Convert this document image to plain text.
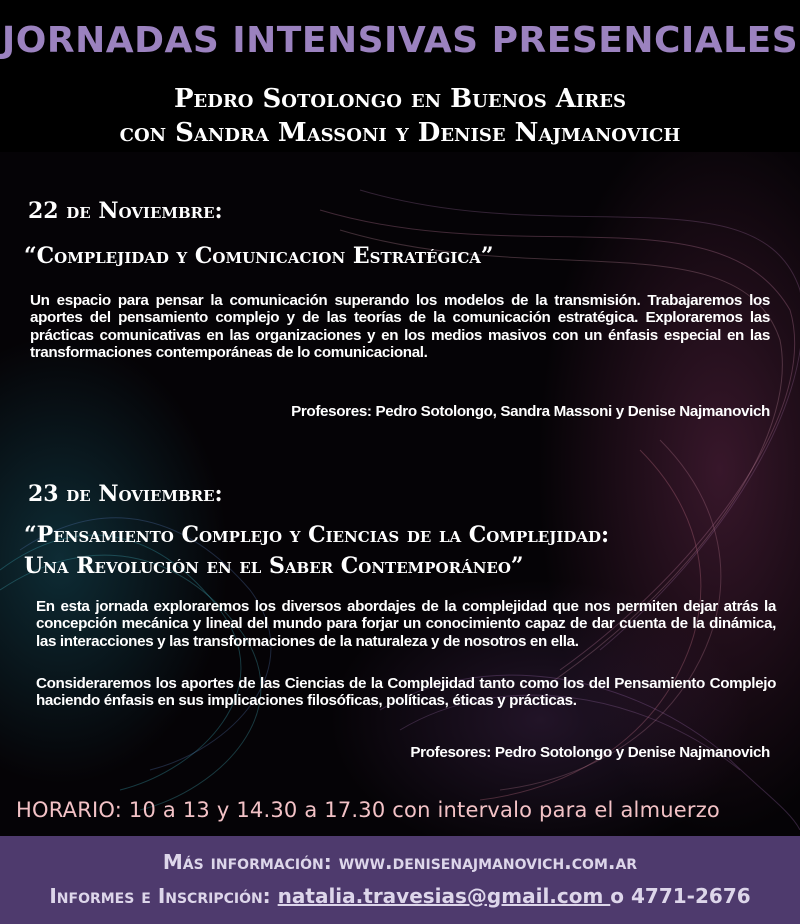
JORNADAS INTENSIVAS PRESENCIALES
Pedro Sotolongo en Buenos Aires
con Sandra Massoni y Denise Najmanovich
22 de Noviembre:
“Complejidad y Comunicacion Estratégica”
Un espacio para pensar la comunicación superando los modelos de la transmisión. Trabajaremos los aportes del pensamiento complejo y de las teorías de la comunicación estratégica. Exploraremos las prácticas comunicativas en las organizaciones y en los medios masivos con un énfasis especial en las transformaciones contemporáneas de lo comunicacional.
Profesores: Pedro Sotolongo, Sandra Massoni y Denise Najmanovich
23 de Noviembre:
“Pensamiento Complejo y Ciencias de la Complejidad:
Una Revolución en el Saber Contemporáneo”
En esta jornada exploraremos los diversos abordajes de la complejidad que nos permiten dejar atrás la concepción mecánica y lineal del mundo para forjar un conocimiento capaz de dar cuenta de la dinámica, las interacciones y las transformaciones de la naturaleza y de nosotros en ella.
Consideraremos los aportes de las Ciencias de la Complejidad tanto como los del Pensamiento Complejo haciendo énfasis en sus implicaciones filosóficas, políticas, éticas y prácticas.
Profesores: Pedro Sotolongo y Denise Najmanovich
HORARIO: 10 a 13 y 14.30 a 17.30 con intervalo para el almuerzo
Más información: www.denisenajmanovich.com.ar
Informes e Inscripción: natalia.travesias@gmail.com o 4771-2676
